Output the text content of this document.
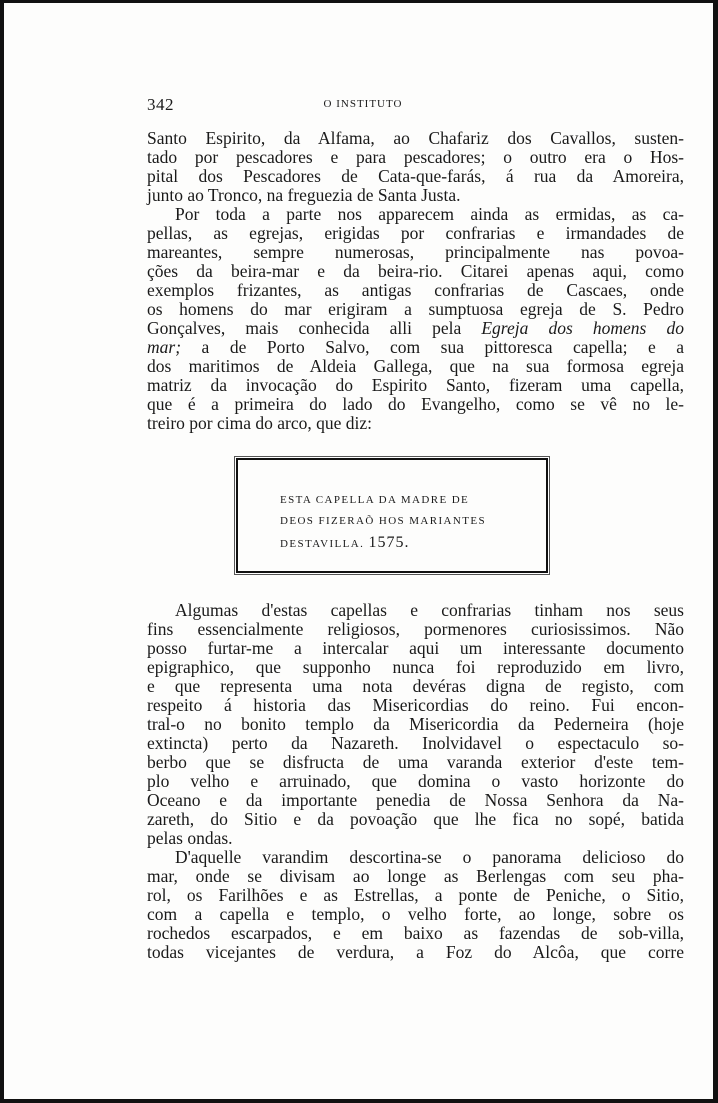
342	O INSTITUTO

Santo Espirito, da Alfama, ao Chafariz dos Cavallos, susten-
tado por pescadores e para pescadores; o outro era o Hos-
pital dos Pescadores de Cata-que-farás, á rua da Amoreira,
junto ao Tronco, na freguezia de Santa Justa.

Por toda a parte nos apparecem ainda as ermidas, as ca-
pellas, as egrejas, erigidas por confrarias e irmandades de
mareantes, sempre numerosas, principalmente nas povoa-
ções da beira-mar e da beira-rio. Citarei apenas aqui, como
exemplos frizantes, as antigas confrarias de Cascaes, onde
os homens do mar erigiram a sumptuosa egreja de S. Pedro
Gonçalves, mais conhecida alli pela Egreja dos homens do
mar; a de Porto Salvo, com sua pittoresca capella; e a
dos maritimos de Aldeia Gallega, que na sua formosa egreja
matriz da invocação do Espirito Santo, fizeram uma capella,
que é a primeira do lado do Evangelho, como se vê no le-
treiro por cima do arco, que diz:

ESTA CAPELLA DA MADRE DE
DEOS FIZERAÕ HOS MARIANTES
DESTAVILLA. 1575.

Algumas d'estas capellas e confrarias tinham nos seus
fins essencialmente religiosos, pormenores curiosissimos. Não
posso furtar-me a intercalar aqui um interessante documento
epigraphico, que supponho nunca foi reproduzido em livro,
e que representa uma nota devéras digna de registo, com
respeito á historia das Misericordias do reino. Fui encon-
tral-o no bonito templo da Misericordia da Pederneira (hoje
extincta) perto da Nazareth. Inolvidavel o espectaculo so-
berbo que se disfructa de uma varanda exterior d'este tem-
plo velho e arruinado, que domina o vasto horizonte do
Oceano e da importante penedia de Nossa Senhora da Na-
zareth, do Sitio e da povoação que lhe fica no sopé, batida
pelas ondas.

D'aquelle varandim descortina-se o panorama delicioso do
mar, onde se divisam ao longe as Berlengas com seu pha-
rol, os Farilhões e as Estrellas, a ponte de Peniche, o Sitio,
com a capella e templo, o velho forte, ao longe, sobre os
rochedos escarpados, e em baixo as fazendas de sob-villa,
todas vicejantes de verdura, a Foz do Alcôa, que corre
